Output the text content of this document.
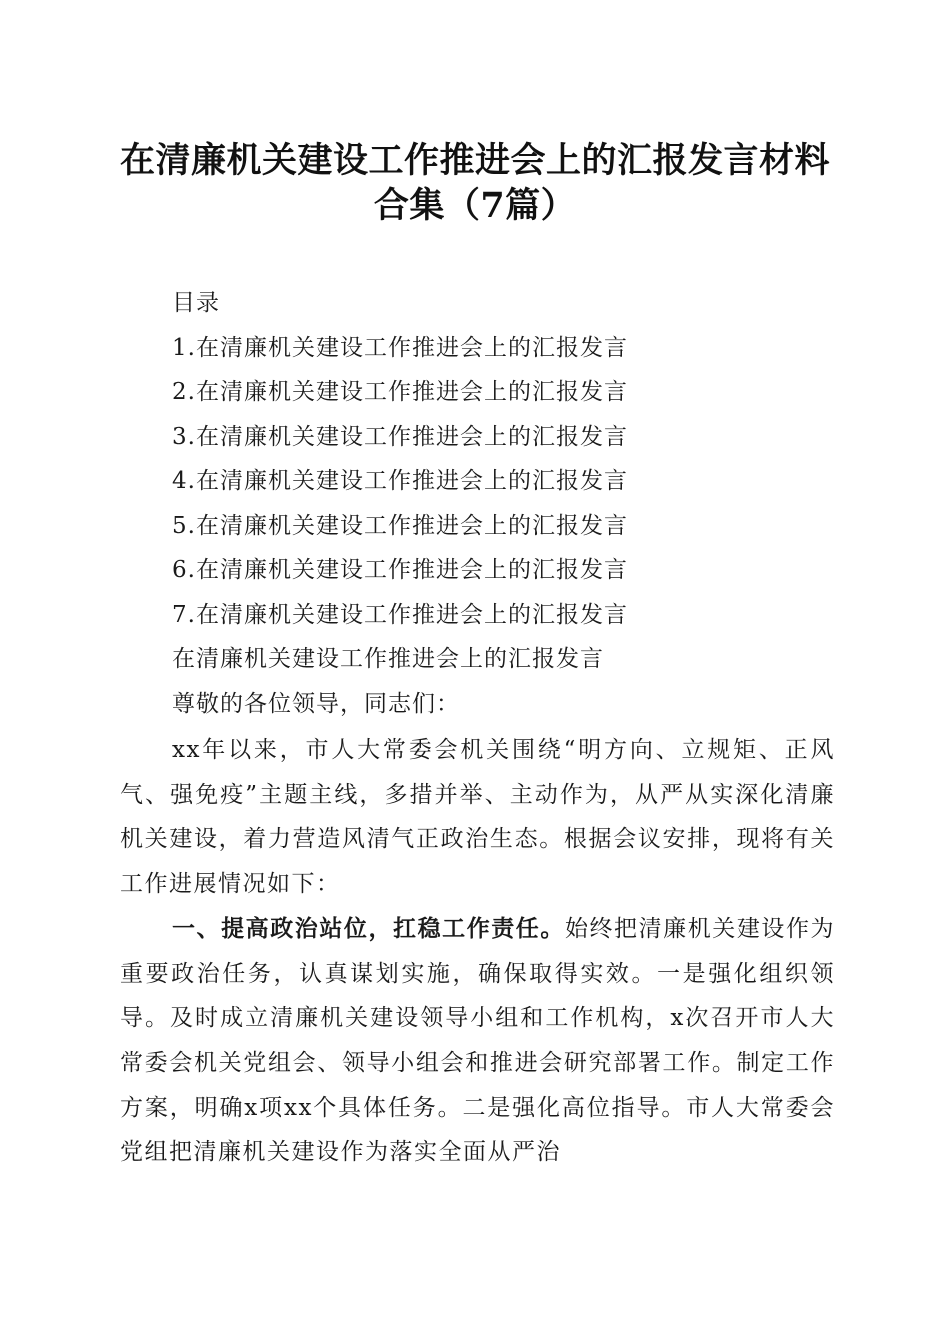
在清廉机关建设工作推进会上的汇报发言材料
合集（7篇）
目录
1.在清廉机关建设工作推进会上的汇报发言
2.在清廉机关建设工作推进会上的汇报发言
3.在清廉机关建设工作推进会上的汇报发言
4.在清廉机关建设工作推进会上的汇报发言
5.在清廉机关建设工作推进会上的汇报发言
6.在清廉机关建设工作推进会上的汇报发言
7.在清廉机关建设工作推进会上的汇报发言
在清廉机关建设工作推进会上的汇报发言
尊敬的各位领导，同志们：

xx年以来，市人大常委会机关围绕“明方向、立规矩、正风气、强免疫”主题主线，多措并举、主动作为，从严从实深化清廉机关建设，着力营造风清气正政治生态。根据会议安排，现将有关工作进展情况如下：

一、提高政治站位，扛稳工作责任。始终把清廉机关建设作为重要政治任务，认真谋划实施，确保取得实效。一是强化组织领导。及时成立清廉机关建设领导小组和工作机构，x次召开市人大常委会机关党组会、领导小组会和推进会研究部署工作。制定工作方案，明确x项xx个具体任务。二是强化高位指导。市人大常委会党组把清廉机关建设作为落实全面从严治
